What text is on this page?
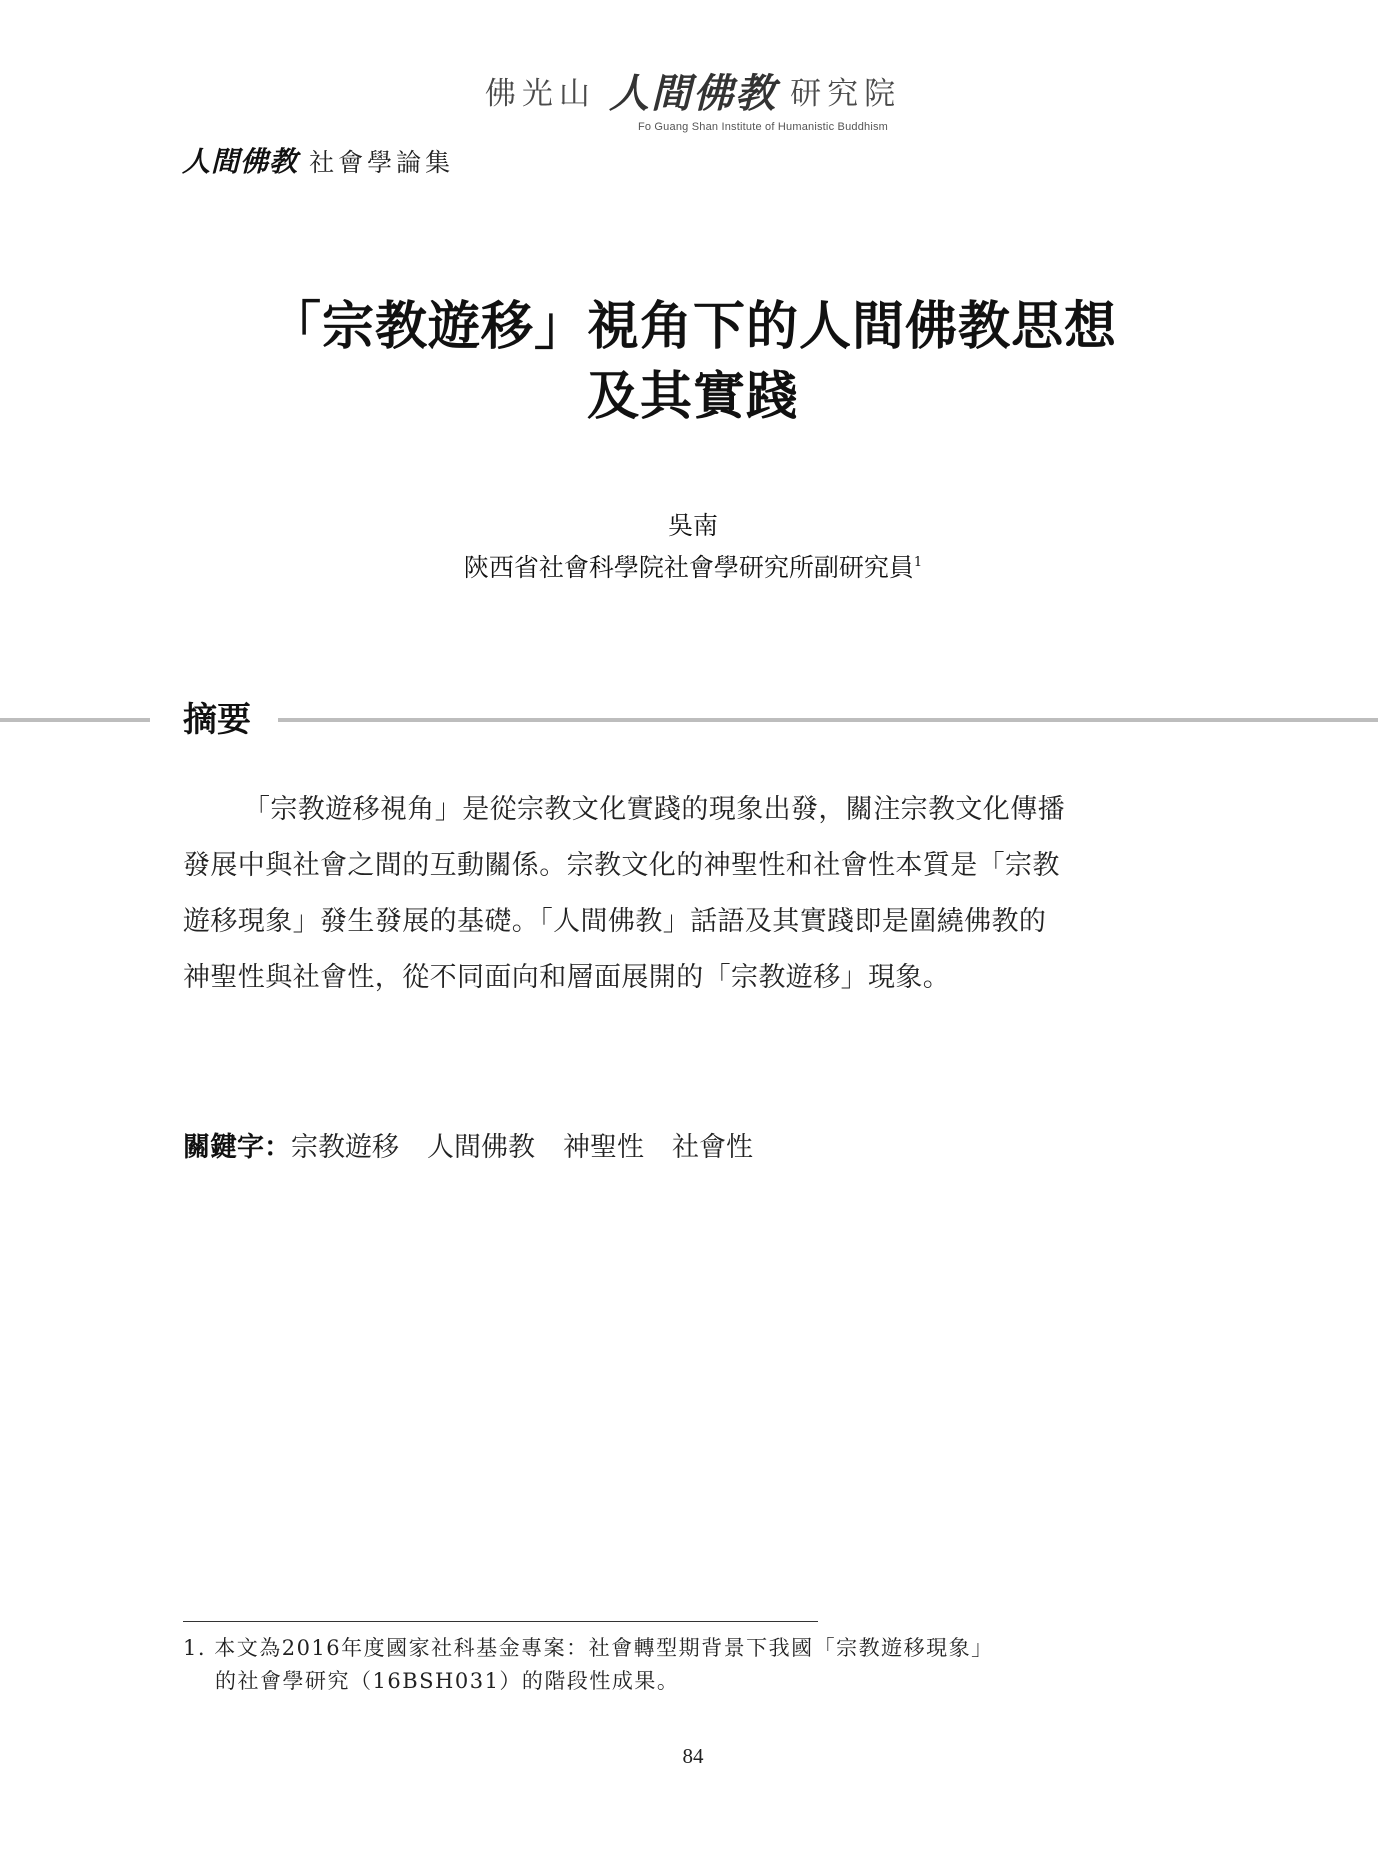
佛光山 人間佛教 研究院
Fo Guang Shan Institute of Humanistic Buddhism
人間佛教 社會學論集
「宗教遊移」視角下的人間佛教思想
及其實踐
吳南
陝西省社會科學院社會學研究所副研究員$^1$
摘要
「宗教遊移視角」是從宗教文化實踐的現象出發，關注宗教文化傳播
發展中與社會之間的互動關係。宗教文化的神聖性和社會性本質是「宗教
遊移現象」發生發展的基礎。「人間佛教」話語及其實踐即是圍繞佛教的
神聖性與社會性，從不同面向和層面展開的「宗教遊移」現象。
關鍵字：宗教遊移 人間佛教 神聖性 社會性
1. 本文為2016年度國家社科基金專案：社會轉型期背景下我國「宗教遊移現象」
的社會學研究（16BSH031）的階段性成果。
84
